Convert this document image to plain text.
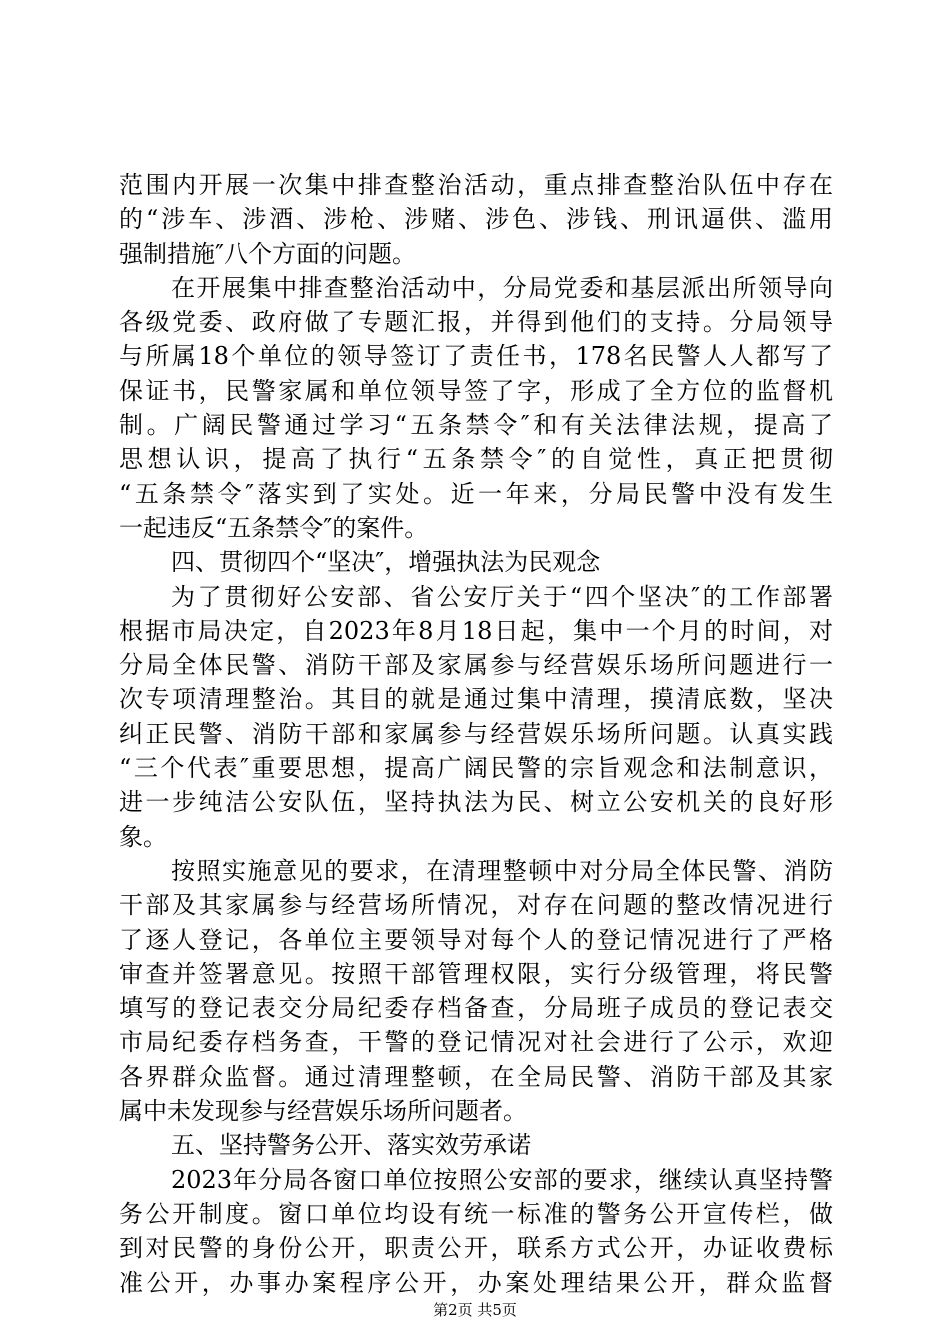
范围内开展一次集中排查整治活动，重点排查整治队伍中存在
的“涉车、涉酒、涉枪、涉赌、涉色、涉钱、刑讯逼供、滥用
强制措施″八个方面的问题。
在开展集中排查整治活动中，分局党委和基层派出所领导向
各级党委、政府做了专题汇报，并得到他们的支持。分局领导
与所属18个单位的领导签订了责任书，178名民警人人都写了
保证书，民警家属和单位领导签了字，形成了全方位的监督机
制。广阔民警通过学习“五条禁令″和有关法律法规，提高了
思想认识，提高了执行“五条禁令″的自觉性，真正把贯彻
“五条禁令″落实到了实处。近一年来，分局民警中没有发生
一起违反“五条禁令″的案件。
四、贯彻四个“坚决″，增强执法为民观念
为了贯彻好公安部、省公安厅关于“四个坚决″的工作部署
根据市局决定，自2023年8月18日起，集中一个月的时间，对
分局全体民警、消防干部及家属参与经营娱乐场所问题进行一
次专项清理整治。其目的就是通过集中清理，摸清底数，坚决
纠正民警、消防干部和家属参与经营娱乐场所问题。认真实践
“三个代表″重要思想，提高广阔民警的宗旨观念和法制意识，
进一步纯洁公安队伍，坚持执法为民、树立公安机关的良好形
象。
按照实施意见的要求，在清理整顿中对分局全体民警、消防
干部及其家属参与经营场所情况，对存在问题的整改情况进行
了逐人登记，各单位主要领导对每个人的登记情况进行了严格
审查并签署意见。按照干部管理权限，实行分级管理，将民警
填写的登记表交分局纪委存档备查，分局班子成员的登记表交
市局纪委存档务查，干警的登记情况对社会进行了公示，欢迎
各界群众监督。通过清理整顿，在全局民警、消防干部及其家
属中未发现参与经营娱乐场所问题者。
五、坚持警务公开、落实效劳承诺
2023年分局各窗口单位按照公安部的要求，继续认真坚持警
务公开制度。窗口单位均设有统一标准的警务公开宣传栏，做
到对民警的身份公开，职责公开，联系方式公开，办证收费标
准公开，办事办案程序公开，办案处理结果公开，群众监督
第2页 共5页
